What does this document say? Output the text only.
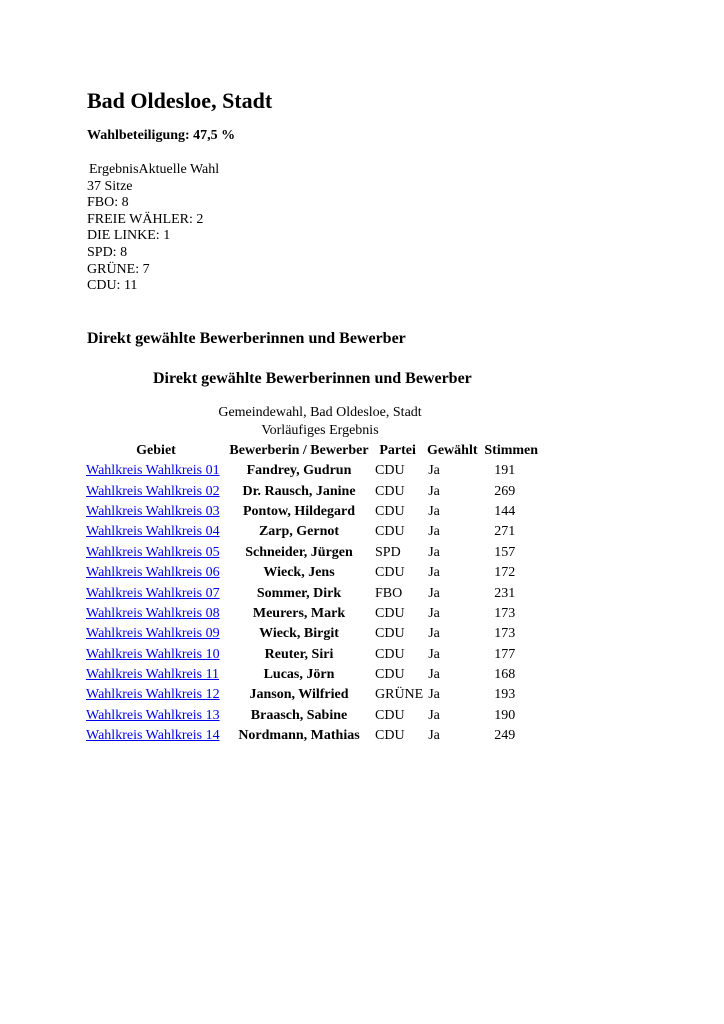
Bad Oldesloe, Stadt
Wahlbeteiligung: 47,5 %
ErgebnisAktuelle Wahl
37 Sitze
FBO: 8
FREIE WÄHLER: 2
DIE LINKE: 1
SPD: 8
GRÜNE: 7
CDU: 11
Direkt gewählte Bewerberinnen und Bewerber
Direkt gewählte Bewerberinnen und Bewerber
Gemeindewahl, Bad Oldesloe, Stadt
Vorläufiges Ergebnis
Gebiet	Bewerberin / Bewerber	Partei	Gewählt	Stimmen
Wahlkreis Wahlkreis 01	Fandrey, Gudrun	CDU	Ja	191
Wahlkreis Wahlkreis 02	Dr. Rausch, Janine	CDU	Ja	269
Wahlkreis Wahlkreis 03	Pontow, Hildegard	CDU	Ja	144
Wahlkreis Wahlkreis 04	Zarp, Gernot	CDU	Ja	271
Wahlkreis Wahlkreis 05	Schneider, Jürgen	SPD	Ja	157
Wahlkreis Wahlkreis 06	Wieck, Jens	CDU	Ja	172
Wahlkreis Wahlkreis 07	Sommer, Dirk	FBO	Ja	231
Wahlkreis Wahlkreis 08	Meurers, Mark	CDU	Ja	173
Wahlkreis Wahlkreis 09	Wieck, Birgit	CDU	Ja	173
Wahlkreis Wahlkreis 10	Reuter, Siri	CDU	Ja	177
Wahlkreis Wahlkreis 11	Lucas, Jörn	CDU	Ja	168
Wahlkreis Wahlkreis 12	Janson, Wilfried	GRÜNE	Ja	193
Wahlkreis Wahlkreis 13	Braasch, Sabine	CDU	Ja	190
Wahlkreis Wahlkreis 14	Nordmann, Mathias	CDU	Ja	249
